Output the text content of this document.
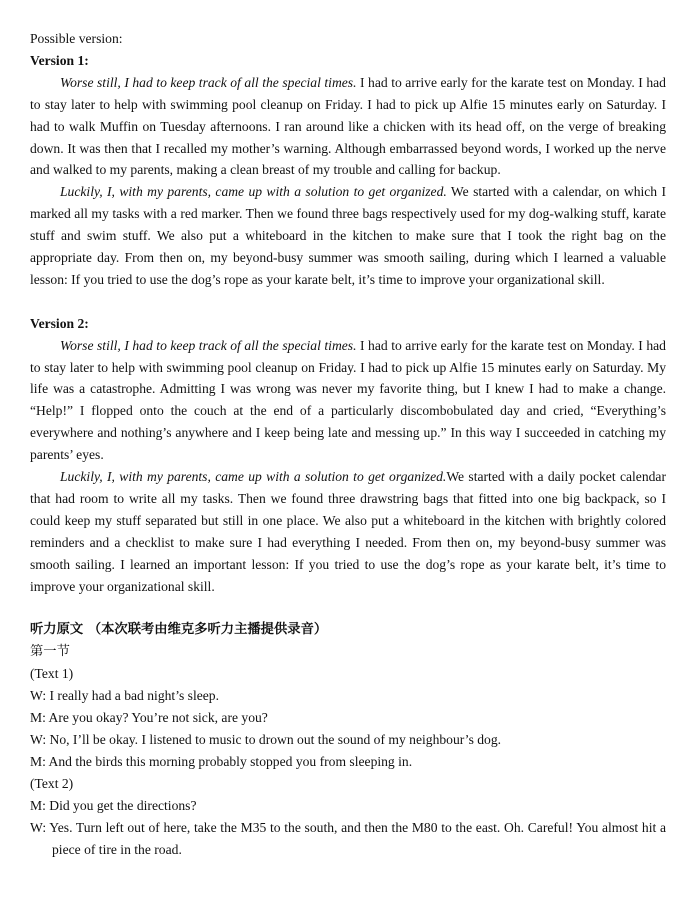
Possible version:
Version 1:

Worse still, I had to keep track of all the special times. I had to arrive early for the karate test on Monday. I had to stay later to help with swimming pool cleanup on Friday. I had to pick up Alfie 15 minutes early on Saturday. I had to walk Muffin on Tuesday afternoons. I ran around like a chicken with its head off, on the verge of breaking down. It was then that I recalled my mother’s warning. Although embarrassed beyond words, I worked up the nerve and walked to my parents, making a clean breast of my trouble and calling for backup.

Luckily, I, with my parents, came up with a solution to get organized. We started with a calendar, on which I marked all my tasks with a red marker. Then we found three bags respectively used for my dog-walking stuff, karate stuff and swim stuff. We also put a whiteboard in the kitchen to make sure that I took the right bag on the appropriate day. From then on, my beyond-busy summer was smooth sailing, during which I learned a valuable lesson: If you tried to use the dog’s rope as your karate belt, it’s time to improve your organizational skill.

Version 2:

Worse still, I had to keep track of all the special times. I had to arrive early for the karate test on Monday. I had to stay later to help with swimming pool cleanup on Friday. I had to pick up Alfie 15 minutes early on Saturday. My life was a catastrophe. Admitting I was wrong was never my favorite thing, but I knew I had to make a change. “Help!” I flopped onto the couch at the end of a particularly discombobulated day and cried, “Everything’s everywhere and nothing’s anywhere and I keep being late and messing up.” In this way I succeeded in catching my parents’ eyes.

Luckily, I, with my parents, came up with a solution to get organized.We started with a daily pocket calendar that had room to write all my tasks. Then we found three drawstring bags that fitted into one big backpack, so I could keep my stuff separated but still in one place. We also put a whiteboard in the kitchen with brightly colored reminders and a checklist to make sure I had everything I needed. From then on, my beyond-busy summer was smooth sailing. I learned an important lesson: If you tried to use the dog’s rope as your karate belt, it’s time to improve your organizational skill.

听力原文 （本次联考由维克多听力主播提供录音）
第一节
(Text 1)
W: I really had a bad night’s sleep.
M: Are you okay? You’re not sick, are you?
W: No, I’ll be okay. I listened to music to drown out the sound of my neighbour’s dog.
M: And the birds this morning probably stopped you from sleeping in.
(Text 2)
M: Did you get the directions?
W: Yes. Turn left out of here, take the M35 to the south, and then the M80 to the east. Oh. Careful! You almost hit a piece of tire in the road.
